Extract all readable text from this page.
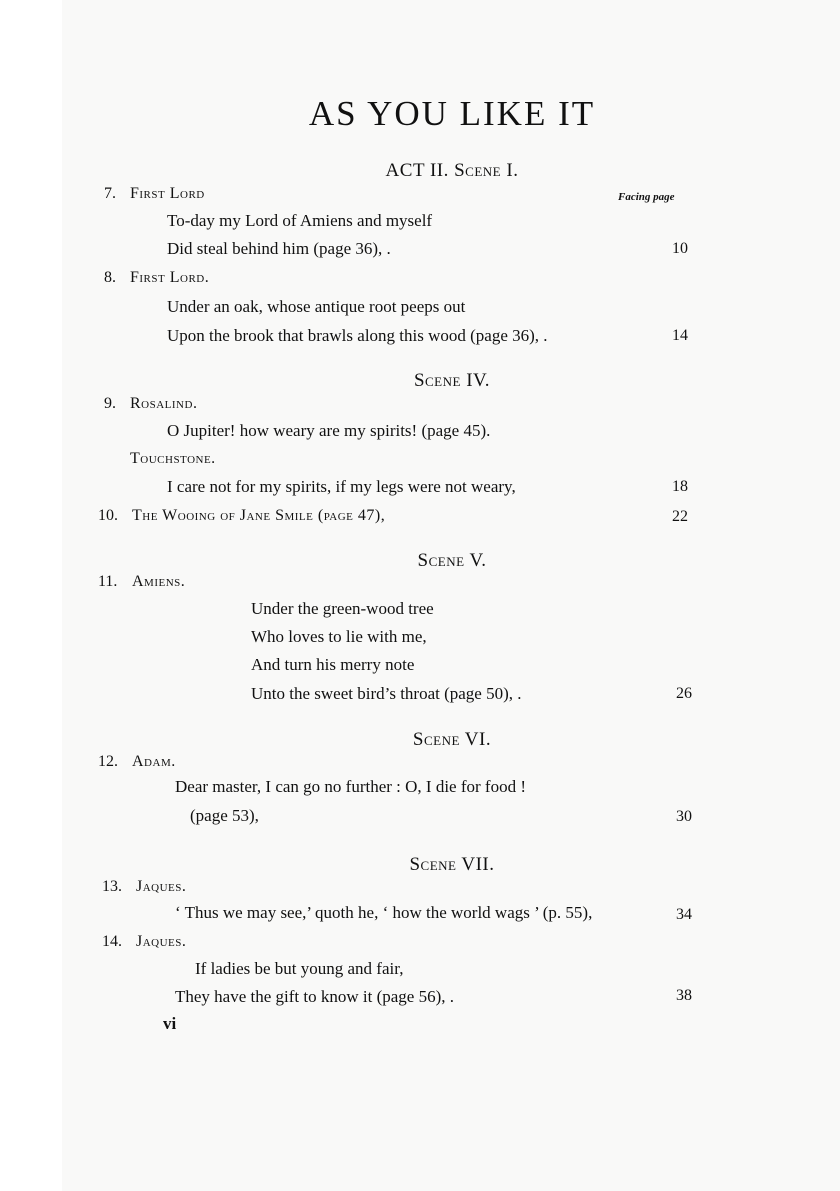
AS YOU LIKE IT
ACT II. Scene I.
7. First Lord	Facing page
To-day my Lord of Amiens and myself
Did steal behind him (page 36), .	10
8. First Lord.
Under an oak, whose antique root peeps out
Upon the brook that brawls along this wood (page 36), .	14
Scene IV.
9. Rosalind.
O Jupiter! how weary are my spirits! (page 45).
Touchstone.
I care not for my spirits, if my legs were not weary,	18
10. The Wooing of Jane Smile (page 47),	22
Scene V.
11. Amiens.
Under the green-wood tree
Who loves to lie with me,
And turn his merry note
Unto the sweet bird’s throat (page 50), .	26
Scene VI.
12. Adam.
Dear master, I can go no further : O, I die for food !
(page 53),	30
Scene VII.
13. Jaques.
‘ Thus we may see,’ quoth he, ‘ how the world wags ’ (p. 55),	34
14. Jaques.
If ladies be but young and fair,
They have the gift to know it (page 56), .	38
vi
